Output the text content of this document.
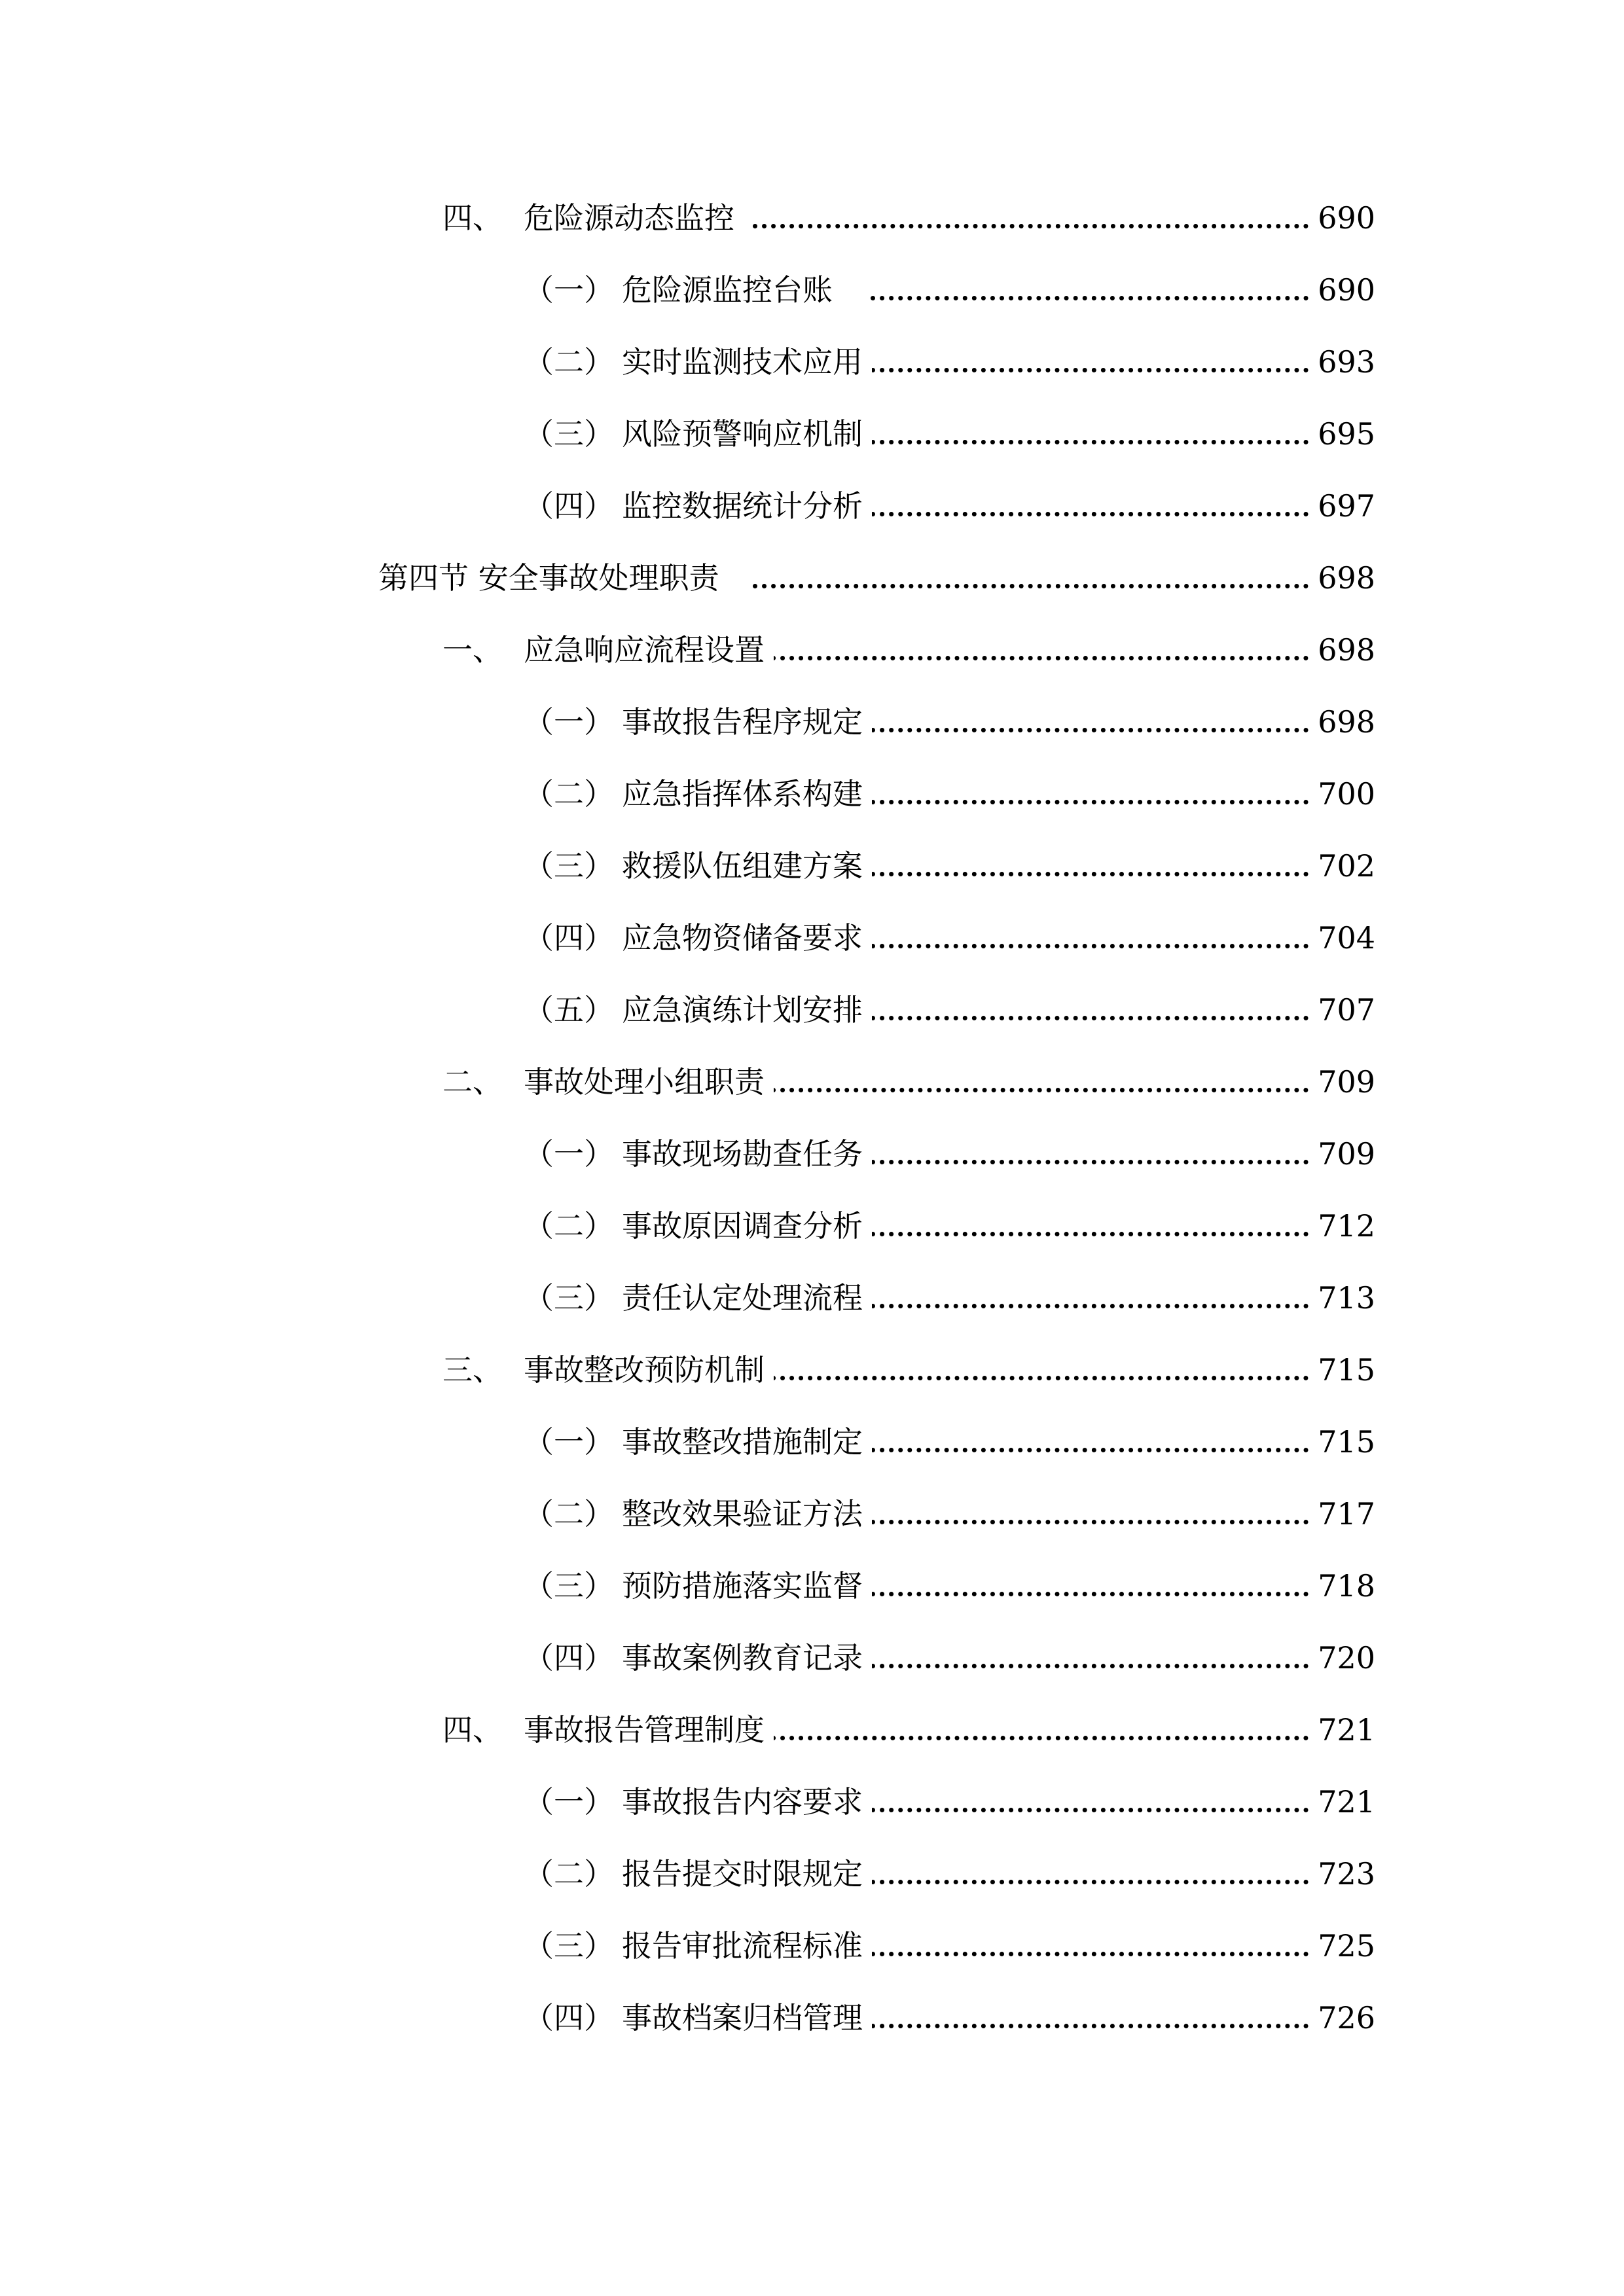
四、 危险源动态监控	690
（一） 危险源监控台账	690
（二） 实时监测技术应用	693
（三） 风险预警响应机制	695
（四） 监控数据统计分析	697
第四节 安全事故处理职责	698
一、 应急响应流程设置	698
（一） 事故报告程序规定	698
（二） 应急指挥体系构建	700
（三） 救援队伍组建方案	702
（四） 应急物资储备要求	704
（五） 应急演练计划安排	707
二、 事故处理小组职责	709
（一） 事故现场勘查任务	709
（二） 事故原因调查分析	712
（三） 责任认定处理流程	713
三、 事故整改预防机制	715
（一） 事故整改措施制定	715
（二） 整改效果验证方法	717
（三） 预防措施落实监督	718
（四） 事故案例教育记录	720
四、 事故报告管理制度	721
（一） 事故报告内容要求	721
（二） 报告提交时限规定	723
（三） 报告审批流程标准	725
（四） 事故档案归档管理	726
